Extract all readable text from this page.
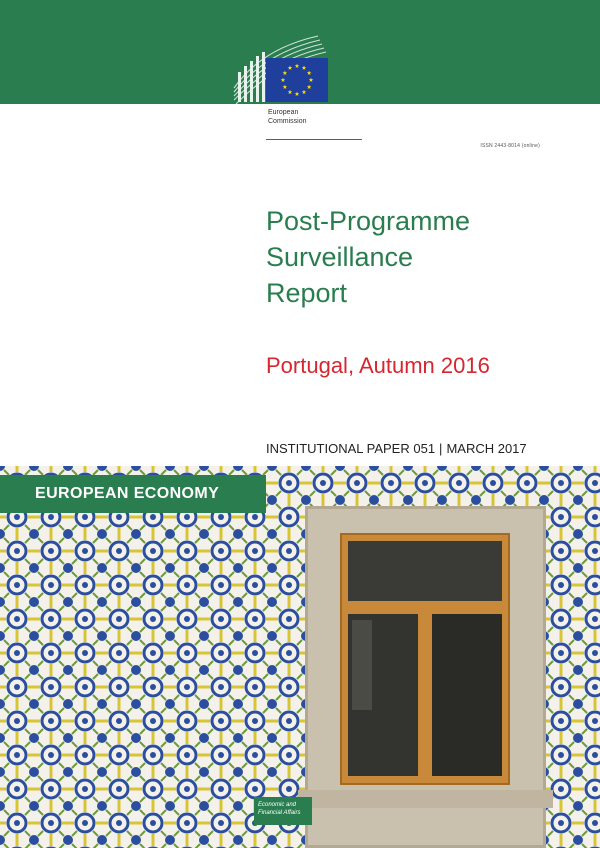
European
Commission
ISSN 2443-8014 (online)
Post-Programme
Surveillance
Report
Portugal, Autumn 2016
INSTITUTIONAL PAPER 051 | MARCH 2017
EUROPEAN ECONOMY
Economic and
Financial Affairs
